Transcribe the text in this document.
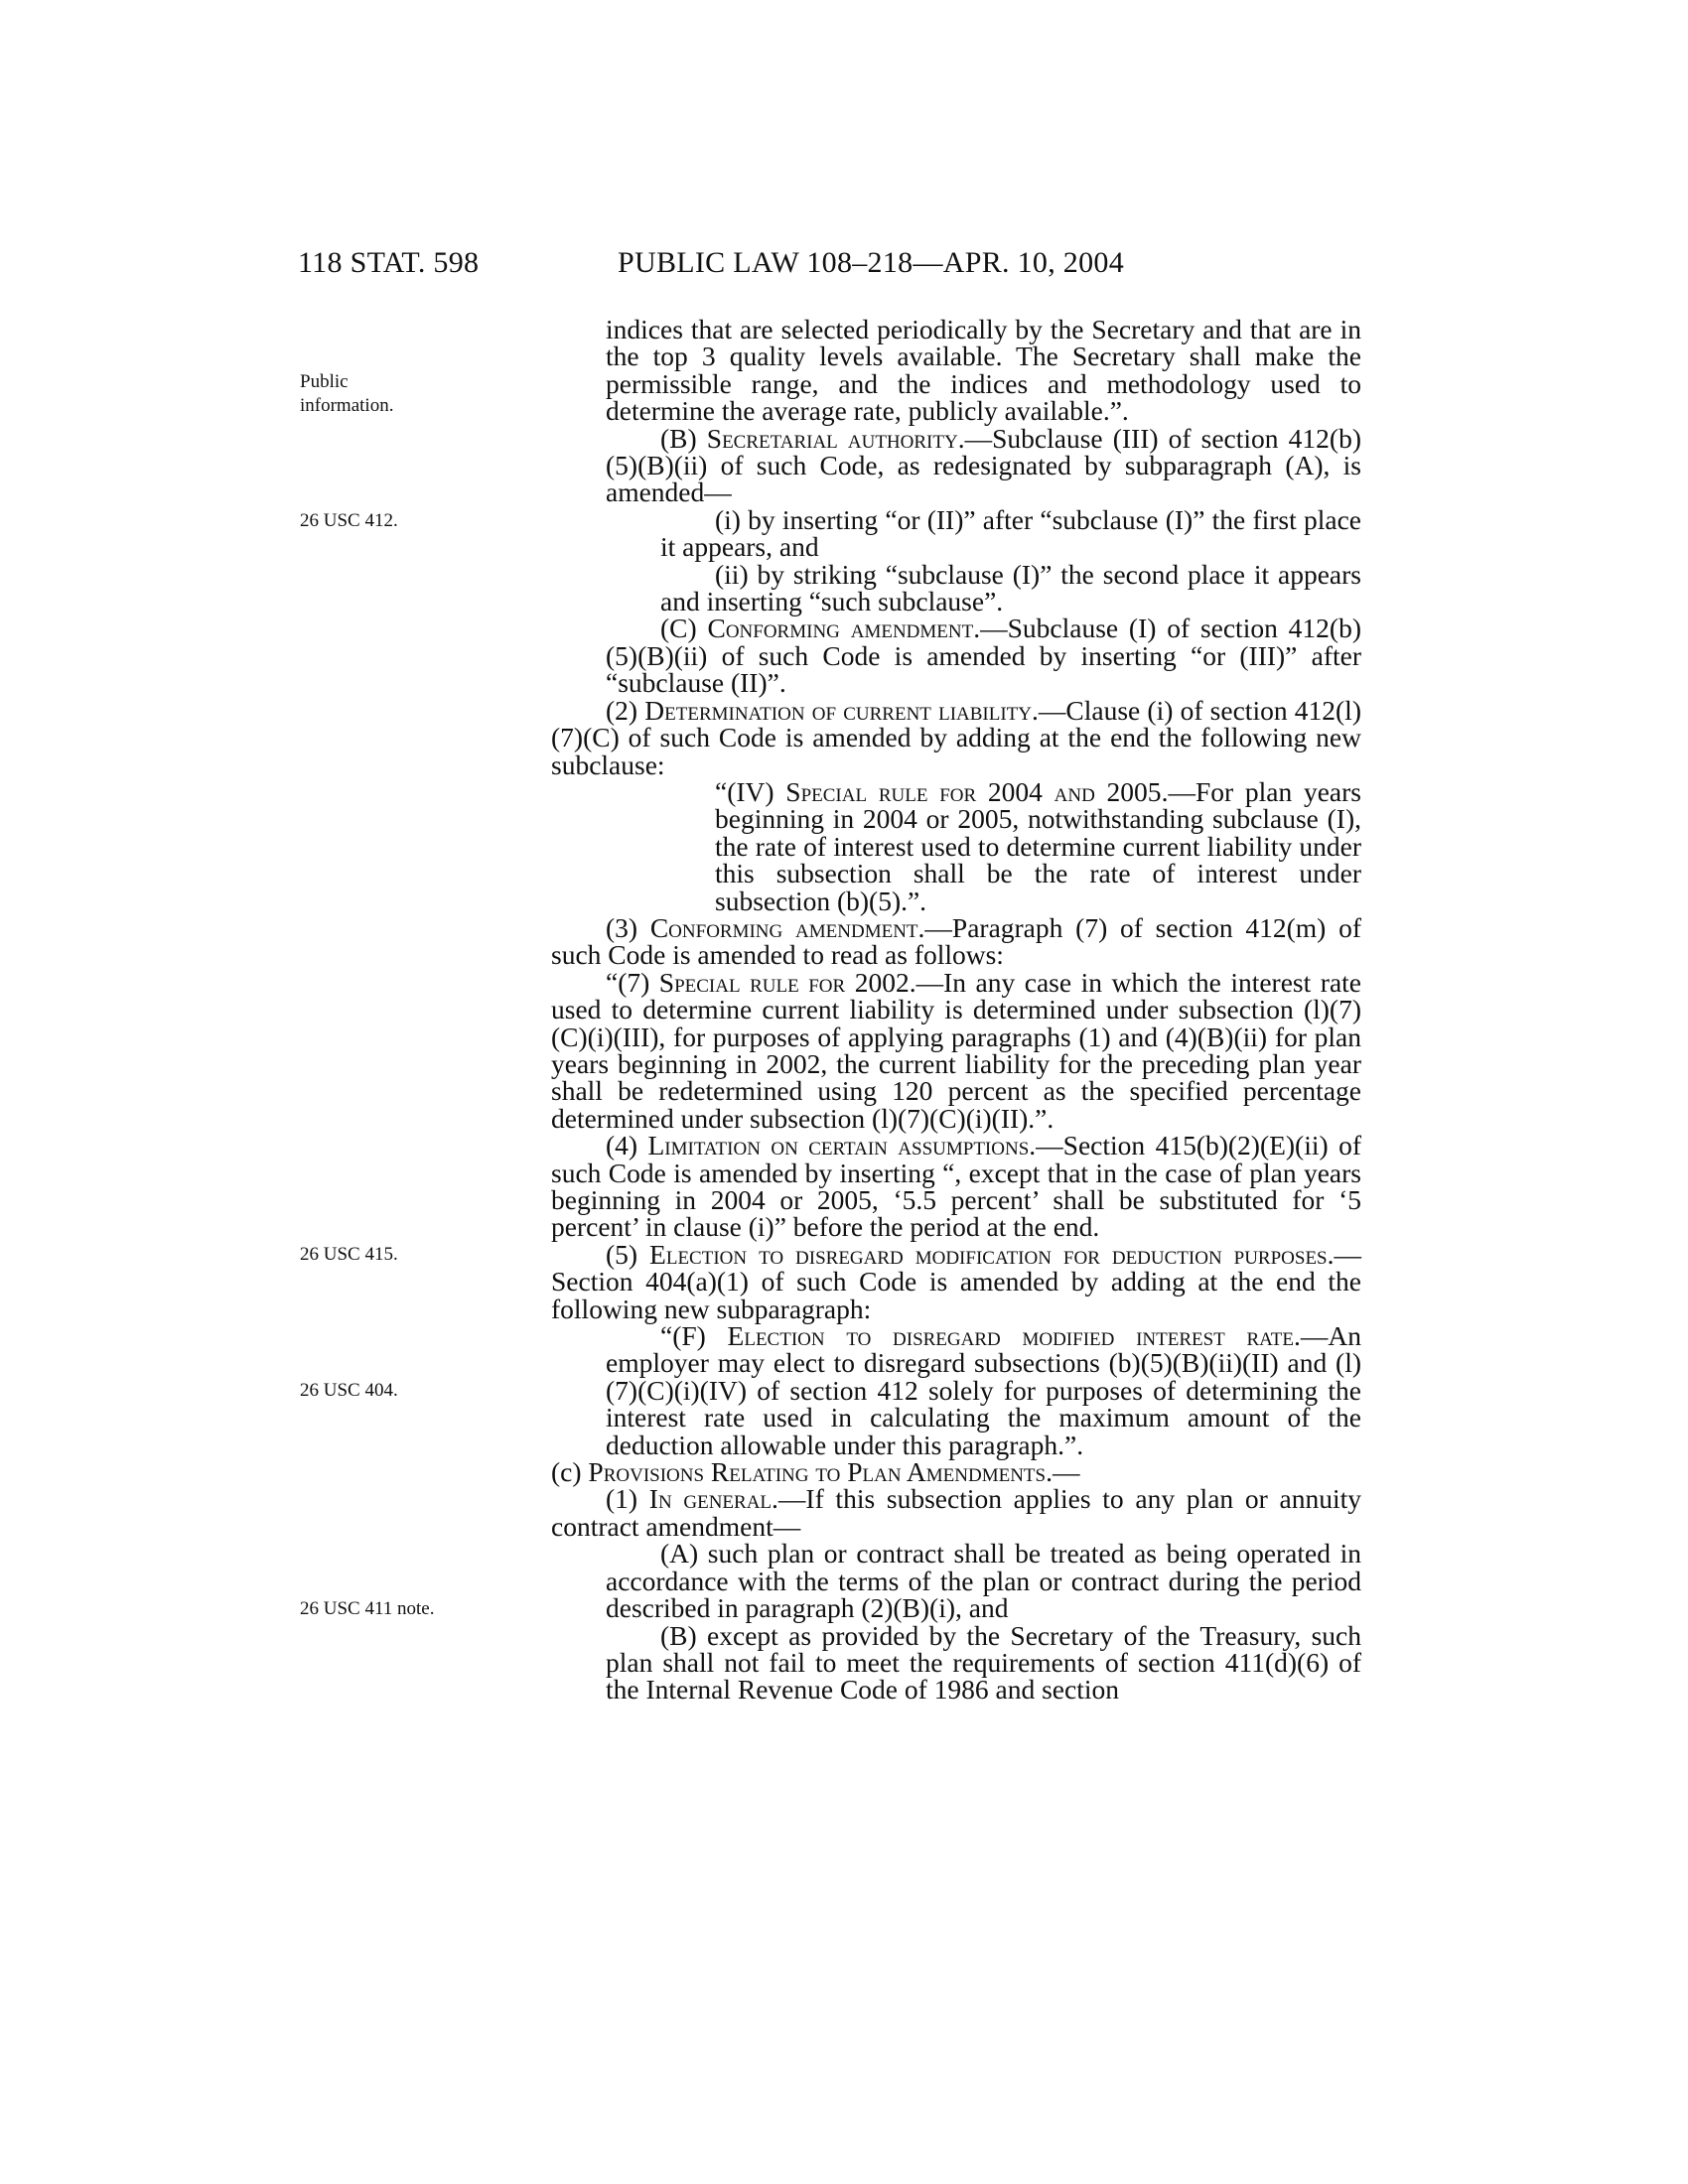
118 STAT. 598	PUBLIC LAW 108–218—APR. 10, 2004
Public
information.
26 USC 412.
26 USC 415.
26 USC 404.
26 USC 411 note.

indices that are selected periodically by the Secretary and that are in the top 3 quality levels available. The Secretary shall make the permissible range, and the indices and methodology used to determine the average rate, publicly available.”.

(B) Secretarial authority.—Subclause (III) of section 412(b)(5)(B)(ii) of such Code, as redesignated by subparagraph (A), is amended—

(i) by inserting “or (II)” after “subclause (I)” the first place it appears, and

(ii) by striking “subclause (I)” the second place it appears and inserting “such subclause”.

(C) Conforming amendment.—Subclause (I) of section 412(b)(5)(B)(ii) of such Code is amended by inserting “or (III)” after “subclause (II)”.

(2) Determination of current liability.—Clause (i) of section 412(l)(7)(C) of such Code is amended by adding at the end the following new subclause:

“(IV) Special rule for 2004 and 2005.—For plan years beginning in 2004 or 2005, notwithstanding subclause (I), the rate of interest used to determine current liability under this subsection shall be the rate of interest under subsection (b)(5).”.

(3) Conforming amendment.—Paragraph (7) of section 412(m) of such Code is amended to read as follows:

“(7) Special rule for 2002.—In any case in which the interest rate used to determine current liability is determined under subsection (l)(7)(C)(i)(III), for purposes of applying paragraphs (1) and (4)(B)(ii) for plan years beginning in 2002, the current liability for the preceding plan year shall be redetermined using 120 percent as the specified percentage determined under subsection (l)(7)(C)(i)(II).”.

(4) Limitation on certain assumptions.—Section 415(b)(2)(E)(ii) of such Code is amended by inserting “, except that in the case of plan years beginning in 2004 or 2005, ‘5.5 percent’ shall be substituted for ‘5 percent’ in clause (i)” before the period at the end.

(5) Election to disregard modification for deduction purposes.—Section 404(a)(1) of such Code is amended by adding at the end the following new subparagraph:

“(F) Election to disregard modified interest rate.—An employer may elect to disregard subsections (b)(5)(B)(ii)(II) and (l)(7)(C)(i)(IV) of section 412 solely for purposes of determining the interest rate used in calculating the maximum amount of the deduction allowable under this paragraph.”.

(c) Provisions Relating to Plan Amendments.—

(1) In general.—If this subsection applies to any plan or annuity contract amendment—

(A) such plan or contract shall be treated as being operated in accordance with the terms of the plan or contract during the period described in paragraph (2)(B)(i), and

(B) except as provided by the Secretary of the Treasury, such plan shall not fail to meet the requirements of section 411(d)(6) of the Internal Revenue Code of 1986 and section
